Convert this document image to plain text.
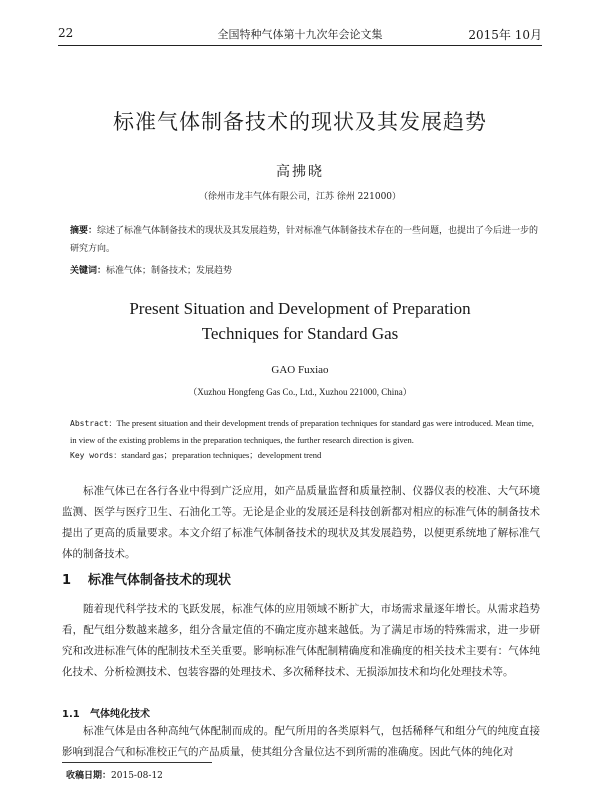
22	全国特种气体第十九次年会论文集	2015年 10月
标准气体制备技术的现状及其发展趋势
高拂晓
（徐州市龙丰气体有限公司，江苏 徐州 221000）
摘要：综述了标准气体制备技术的现状及其发展趋势，针对标准气体制备技术存在的一些问题，也提出了今后进一步的研究方向。
关键词：标准气体；制备技术；发展趋势
Present Situation and Development of Preparation
Techniques for Standard Gas
GAO Fuxiao
（Xuzhou Hongfeng Gas Co., Ltd., Xuzhou 221000, China）
Abstract：The present situation and their development trends of preparation techniques for standard gas were introduced. Mean time, in view of the existing problems in the preparation techniques, the further research direction is given.
Key words：standard gas；preparation techniques；development trend
标准气体已在各行各业中得到广泛应用，如产品质量监督和质量控制、仪器仪表的校准、大气环境监测、医学与医疗卫生、石油化工等。无论是企业的发展还是科技创新都对相应的标准气体的制备技术提出了更高的质量要求。本文介绍了标准气体制备技术的现状及其发展趋势，以便更系统地了解标准气体的制备技术。
1 标准气体制备技术的现状
随着现代科学技术的飞跃发展，标准气体的应用领域不断扩大，市场需求量逐年增长。从需求趋势看，配气组分数越来越多，组分含量定值的不确定度亦越来越低。为了满足市场的特殊需求，进一步研究和改进标准气体的配制技术至关重要。影响标准气体配制精确度和准确度的相关技术主要有：气体纯化技术、分析检测技术、包装容器的处理技术、多次稀释技术、无损添加技术和均化处理技术等。
1.1 气体纯化技术
标准气体是由各种高纯气体配制而成的。配气所用的各类原料气，包括稀释气和组分气的纯度直接影响到混合气和标准校正气的产品质量，使其组分含量位达不到所需的准确度。因此气体的纯化对
收稿日期：2015-08-12
